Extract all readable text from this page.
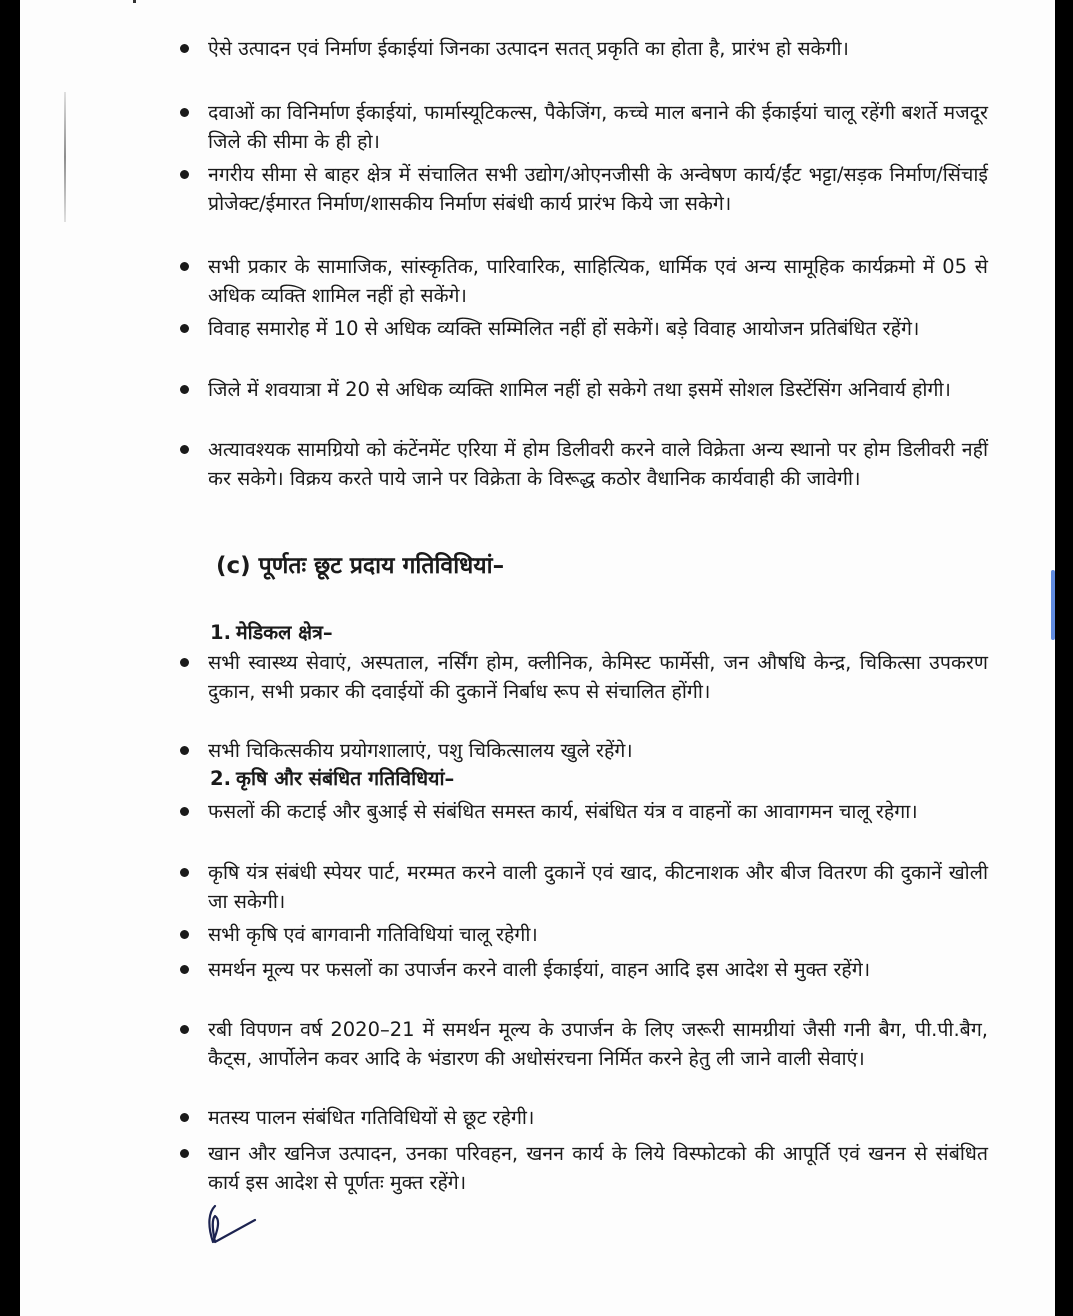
ऐसे उत्पादन एवं निर्माण ईकाईयां जिनका उत्पादन सतत् प्रकृति का होता है, प्रारंभ हो सकेगी।
दवाओं का विनिर्माण ईकाईयां, फार्मास्यूटिकल्स, पैकेजिंग, कच्चे माल बनाने की ईकाईयां चालू रहेंगी बशर्ते मजदूर जिले की सीमा के ही हो।
नगरीय सीमा से बाहर क्षेत्र में संचालित सभी उद्योग/ओएनजीसी के अन्वेषण कार्य/ईंट भट्टा/सड़क निर्माण/सिंचाई प्रोजेक्ट/ईमारत निर्माण/शासकीय निर्माण संबंधी कार्य प्रारंभ किये जा सकेगे।
सभी प्रकार के सामाजिक, सांस्कृतिक, पारिवारिक, साहित्यिक, धार्मिक एवं अन्य सामूहिक कार्यक्रमो में 05 से अधिक व्यक्ति शामिल नहीं हो सकेंगे।
विवाह समारोह में 10 से अधिक व्यक्ति सम्मिलित नहीं हों सकेगें। बड़े विवाह आयोजन प्रतिबंधित रहेंगे।
जिले में शवयात्रा में 20 से अधिक व्यक्ति शामिल नहीं हो सकेगे तथा इसमें सोशल डिस्टेंसिंग अनिवार्य होगी।
अत्यावश्यक सामग्रियो को कंटेंनमेंट एरिया में होम डिलीवरी करने वाले विक्रेता अन्य स्थानो पर होम डिलीवरी नहीं कर सकेगे। विक्रय करते पाये जाने पर विक्रेता के विरूद्ध कठोर वैधानिक कार्यवाही की जावेगी।
(c) पूर्णतः छूट प्रदाय गतिविधियां–
1. मेडिकल क्षेत्र–
सभी स्वास्थ्य सेवाएं, अस्पताल, नर्सिंग होम, क्लीनिक, केमिस्ट फार्मेसी, जन औषधि केन्द्र, चिकित्सा उपकरण दुकान, सभी प्रकार की दवाईयों की दुकानें निर्बाध रूप से संचालित होंगी।
सभी चिकित्सकीय प्रयोगशालाएं, पशु चिकित्सालय खुले रहेंगे।
2. कृषि और संबंधित गतिविधियां–
फसलों की कटाई और बुआई से संबंधित समस्त कार्य, संबंधित यंत्र व वाहनों का आवागमन चालू रहेगा।
कृषि यंत्र संबंधी स्पेयर पार्ट, मरम्मत करने वाली दुकानें एवं खाद, कीटनाशक और बीज वितरण की दुकानें खोली जा सकेगी।
सभी कृषि एवं बागवानी गतिविधियां चालू रहेगी।
समर्थन मूल्य पर फसलों का उपार्जन करने वाली ईकाईयां, वाहन आदि इस आदेश से मुक्त रहेंगे।
रबी विपणन वर्ष 2020–21 में समर्थन मूल्य के उपार्जन के लिए जरूरी सामग्रीयां जैसी गनी बैग, पी.पी.बैग, कैट्स, आर्पोलेन कवर आदि के भंडारण की अधोसंरचना निर्मित करने हेतु ली जाने वाली सेवाएं।
मतस्य पालन संबंधित गतिविधियों से छूट रहेगी।
खान और खनिज उत्पादन, उनका परिवहन, खनन कार्य के लिये विस्फोटको की आपूर्ति एवं खनन से संबंधित कार्य इस आदेश से पूर्णतः मुक्त रहेंगे।
